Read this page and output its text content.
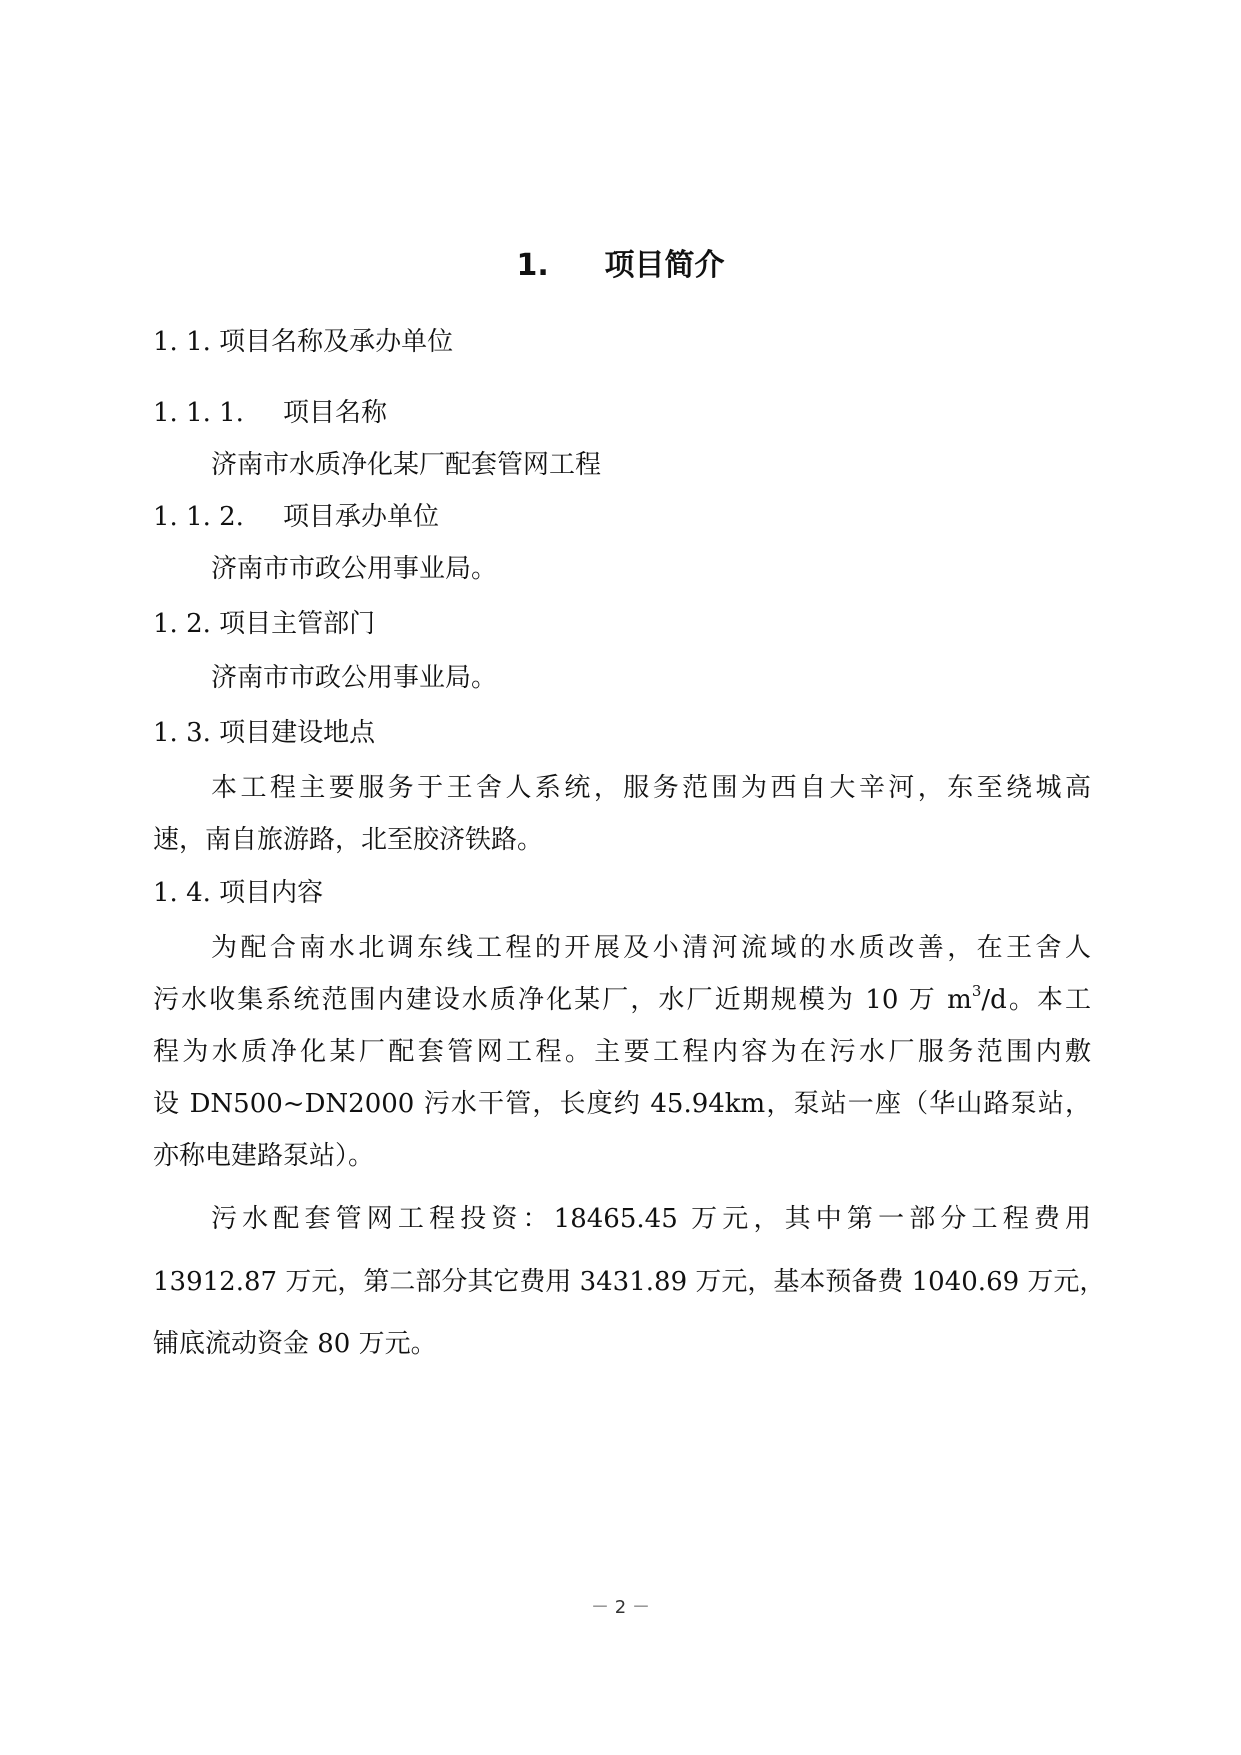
1. 项目简介
1. 1. 项目名称及承办单位
1. 1. 1. 项目名称
济南市水质净化某厂配套管网工程
1. 1. 2. 项目承办单位
济南市市政公用事业局。
1. 2. 项目主管部门
济南市市政公用事业局。
1. 3. 项目建设地点
本工程主要服务于王舍人系统，服务范围为西自大辛河，东至绕城高
速，南自旅游路，北至胶济铁路。
1. 4. 项目内容
为配合南水北调东线工程的开展及小清河流域的水质改善，在王舍人
污水收集系统范围内建设水质净化某厂，水厂近期规模为 10 万 $m^3/d$。本工
程为水质净化某厂配套管网工程。主要工程内容为在污水厂服务范围内敷
设 DN500~DN2000 污水干管，长度约 45.94km，泵站一座（华山路泵站，
亦称电建路泵站）。
污水配套管网工程投资：18465.45 万元，其中第一部分工程费用
13912.87 万元，第二部分其它费用 3431.89 万元，基本预备费 1040.69 万元，
铺底流动资金 80 万元。
－ 2 －
